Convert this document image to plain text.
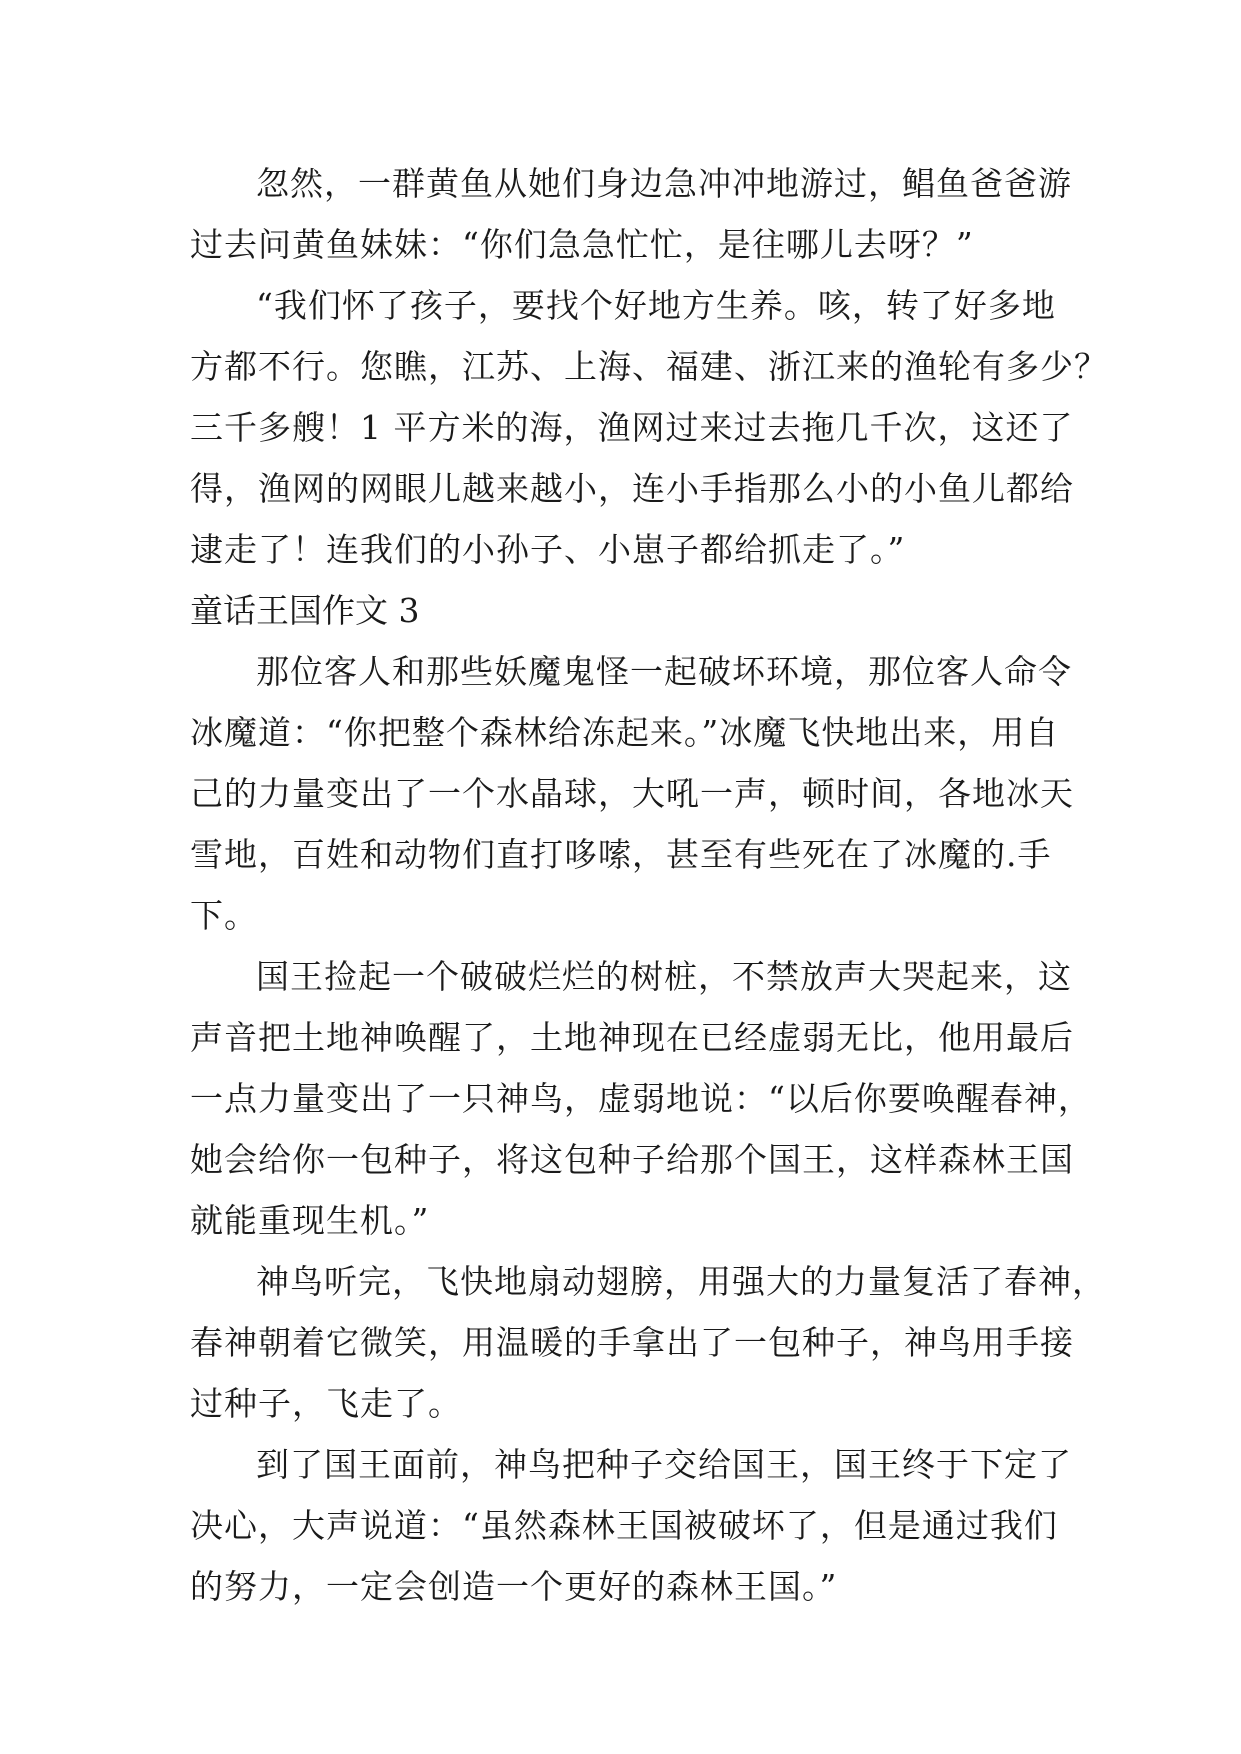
忽然，一群黄鱼从她们身边急冲冲地游过，鲳鱼爸爸游
过去问黄鱼妹妹：“你们急急忙忙，是往哪儿去呀？”
“我们怀了孩子，要找个好地方生养。咳，转了好多地
方都不行。您瞧，江苏、上海、福建、浙江来的渔轮有多少？
三千多艘！1 平方米的海，渔网过来过去拖几千次，这还了
得，渔网的网眼儿越来越小，连小手指那么小的小鱼儿都给
逮走了！连我们的小孙子、小崽子都给抓走了。”
童话王国作文 3
那位客人和那些妖魔鬼怪一起破坏环境，那位客人命令
冰魔道：“你把整个森林给冻起来。”冰魔飞快地出来，用自
己的力量变出了一个水晶球，大吼一声，顿时间，各地冰天
雪地，百姓和动物们直打哆嗦，甚至有些死在了冰魔的.手
下。
国王捡起一个破破烂烂的树桩，不禁放声大哭起来，这
声音把土地神唤醒了，土地神现在已经虚弱无比，他用最后
一点力量变出了一只神鸟，虚弱地说：“以后你要唤醒春神，
她会给你一包种子，将这包种子给那个国王，这样森林王国
就能重现生机。”
神鸟听完，飞快地扇动翅膀，用强大的力量复活了春神，
春神朝着它微笑，用温暖的手拿出了一包种子，神鸟用手接
过种子，飞走了。
到了国王面前，神鸟把种子交给国王，国王终于下定了
决心，大声说道：“虽然森林王国被破坏了，但是通过我们
的努力，一定会创造一个更好的森林王国。”
